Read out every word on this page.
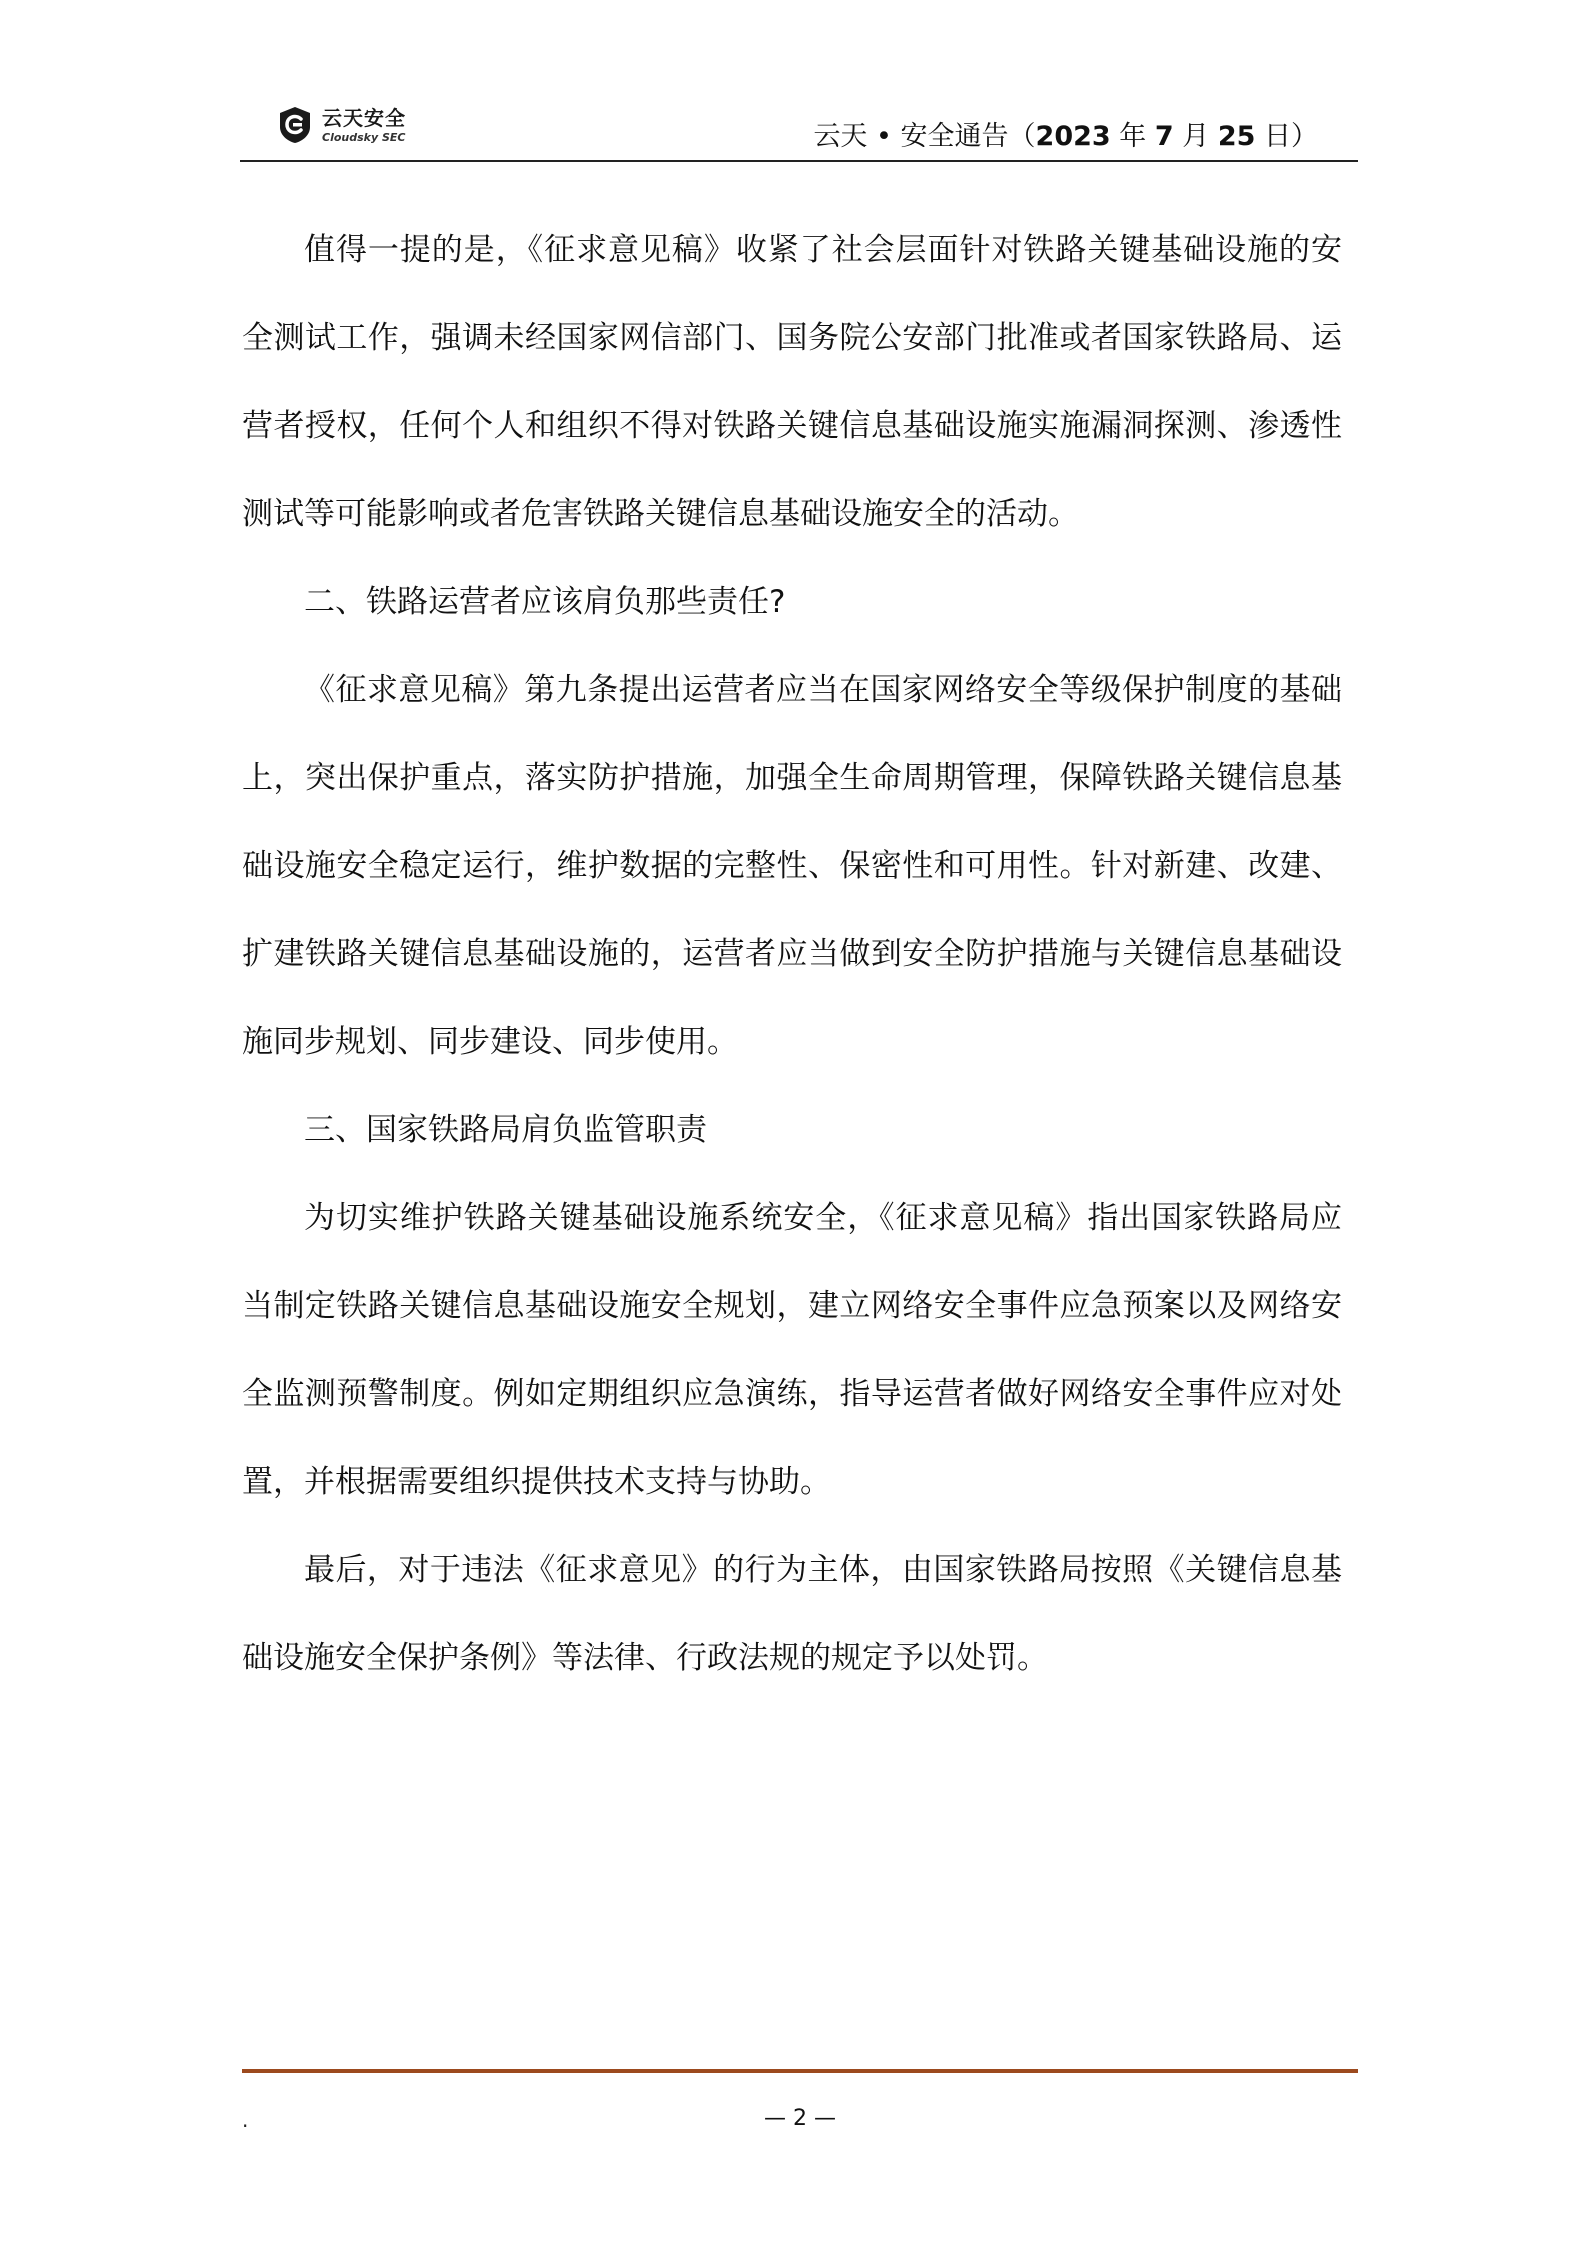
云天安全
Cloudsky SEC	云天 • 安全通告（2023 年 7 月 25 日）

值得一提的是，《征求意见稿》收紧了社会层面针对铁路关键基础设施的安全测试工作，强调未经国家网信部门、国务院公安部门批准或者国家铁路局、运营者授权，任何个人和组织不得对铁路关键信息基础设施实施漏洞探测、渗透性测试等可能影响或者危害铁路关键信息基础设施安全的活动。

二、铁路运营者应该肩负那些责任?

《征求意见稿》第九条提出运营者应当在国家网络安全等级保护制度的基础上，突出保护重点，落实防护措施，加强全生命周期管理，保障铁路关键信息基础设施安全稳定运行，维护数据的完整性、保密性和可用性。针对新建、改建、扩建铁路关键信息基础设施的，运营者应当做到安全防护措施与关键信息基础设施同步规划、同步建设、同步使用。

三、国家铁路局肩负监管职责

为切实维护铁路关键基础设施系统安全，《征求意见稿》指出国家铁路局应当制定铁路关键信息基础设施安全规划，建立网络安全事件应急预案以及网络安全监测预警制度。例如定期组织应急演练，指导运营者做好网络安全事件应对处置，并根据需要组织提供技术支持与协助。

最后，对于违法《征求意见》的行为主体，由国家铁路局按照《关键信息基础设施安全保护条例》等法律、行政法规的规定予以处罚。

.	— 2 —
